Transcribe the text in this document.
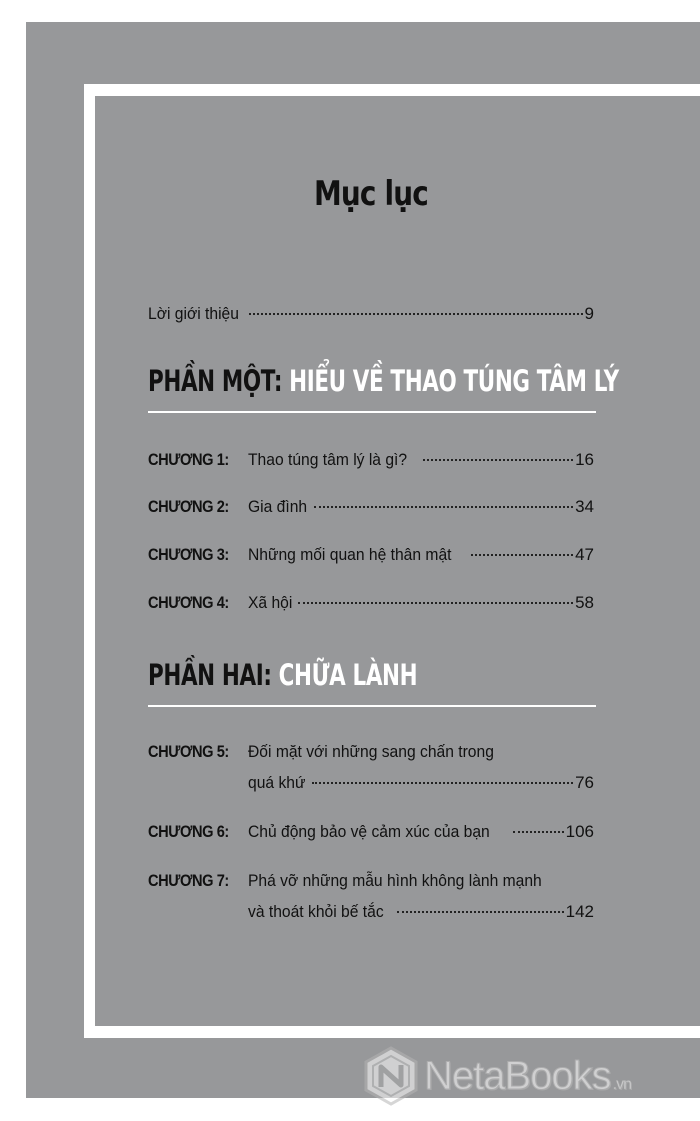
Mục lục
Lời giới thiệu	9
PHẦN MỘT: HIỂU VỀ THAO TÚNG TÂM LÝ
CHƯƠNG 1:	Thao túng tâm lý là gì?	16
CHƯƠNG 2:	Gia đình	34
CHƯƠNG 3:	Những mối quan hệ thân mật	47
CHƯƠNG 4:	Xã hội	58
PHẦN HAI: CHỮA LÀNH
CHƯƠNG 5:	Đối mặt với những sang chấn trong
quá khứ	76
CHƯƠNG 6:	Chủ động bảo vệ cảm xúc của bạn	106
CHƯƠNG 7:	Phá vỡ những mẫu hình không lành mạnh
và thoát khỏi bế tắc	142
NetaBooks .vn
